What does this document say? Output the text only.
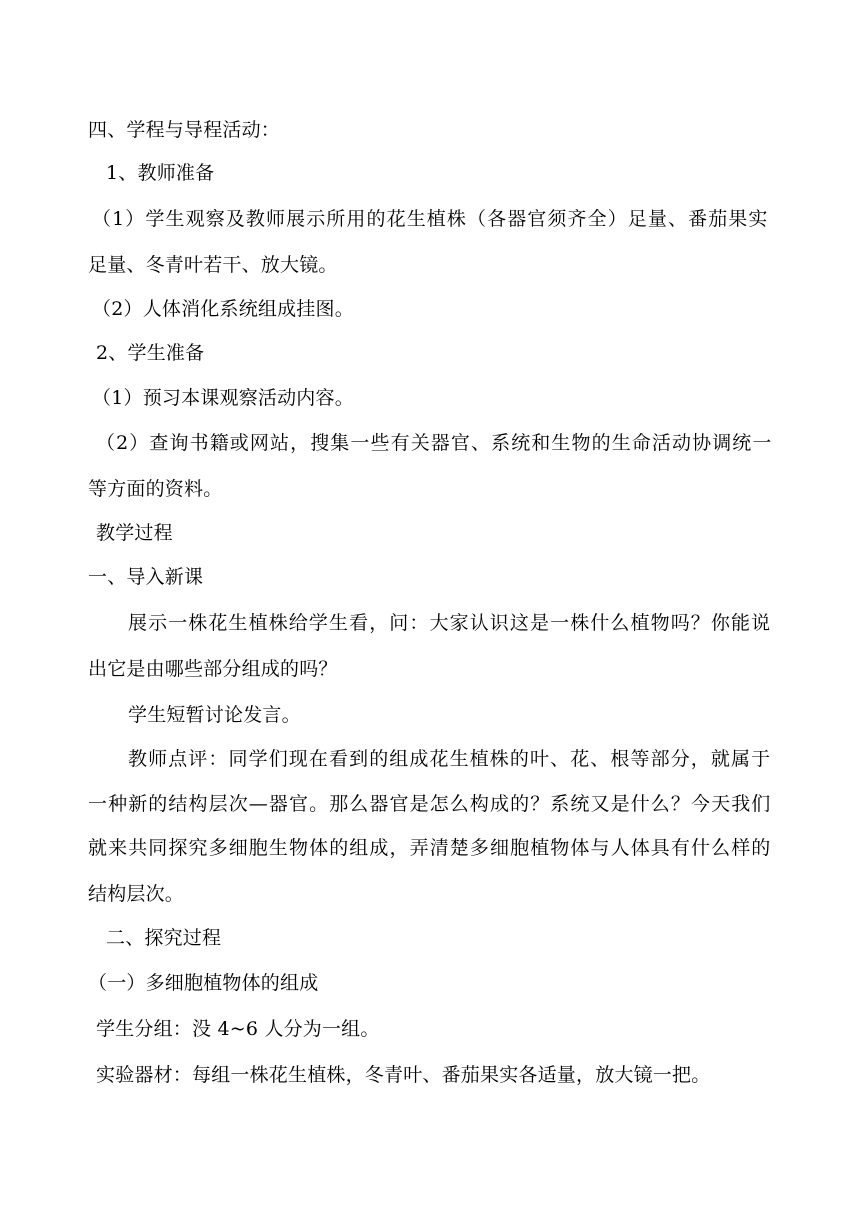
四、学程与导程活动：
1、教师准备
（1）学生观察及教师展示所用的花生植株（各器官须齐全）足量、番茄果实
足量、冬青叶若干、放大镜。
（2）人体消化系统组成挂图。
2、学生准备
（1）预习本课观察活动内容。
（2）查询书籍或网站，搜集一些有关器官、系统和生物的生命活动协调统一
等方面的资料。
教学过程
一、导入新课
展示一株花生植株给学生看，问：大家认识这是一株什么植物吗？你能说
出它是由哪些部分组成的吗？
学生短暂讨论发言。
教师点评：同学们现在看到的组成花生植株的叶、花、根等部分，就属于
一种新的结构层次—器官。那么器官是怎么构成的？系统又是什么？今天我们
就来共同探究多细胞生物体的组成，弄清楚多细胞植物体与人体具有什么样的
结构层次。
二、探究过程
（一）多细胞植物体的组成
学生分组：没 4~6 人分为一组。
实验器材：每组一株花生植株，冬青叶、番茄果实各适量，放大镜一把。
